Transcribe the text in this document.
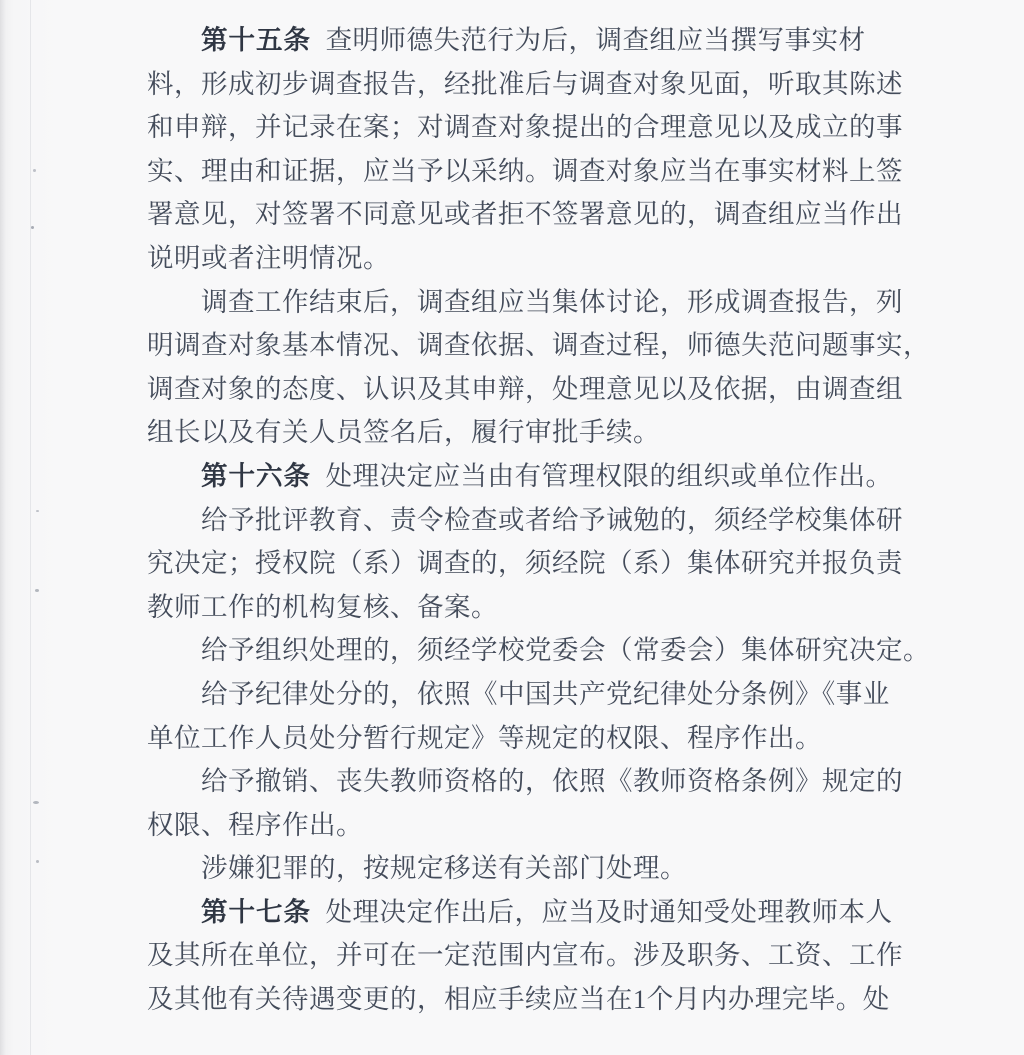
第十五条　 查明师德失范行为后，调查组应当撰写事实材
料，形成初步调查报告，经批准后与调查对象见面，听取其陈述
和申辩，并记录在案；对调查对象提出的合理意见以及成立的事
实、理由和证据，应当予以采纳。调查对象应当在事实材料上签
署意见，对签署不同意见或者拒不签署意见的，调查组应当作出
说明或者注明情况。
调查工作结束后，调查组应当集体讨论，形成调查报告，列
明调查对象基本情况、调查依据、调查过程，师德失范问题事实，
调查对象的态度、认识及其申辩，处理意见以及依据，由调查组
组长以及有关人员签名后，履行审批手续。
第十六条　 处理决定应当由有管理权限的组织或单位作出。
给予批评教育、责令检查或者给予诫勉的，须经学校集体研
究决定；授权院（系）调查的，须经院（系）集体研究并报负责
教师工作的机构复核、备案。
给予组织处理的，须经学校党委会（常委会）集体研究决定。
给予纪律处分的，依照《中国共产党纪律处分条例》《事业
单位工作人员处分暂行规定》等规定的权限、程序作出。
给予撤销、丧失教师资格的，依照《教师资格条例》规定的
权限、程序作出。
涉嫌犯罪的，按规定移送有关部门处理。
第十七条　 处理决定作出后，应当及时通知受处理教师本人
及其所在单位，并可在一定范围内宣布。涉及职务、工资、工作
及其他有关待遇变更的，相应手续应当在1个月内办理完毕。处
